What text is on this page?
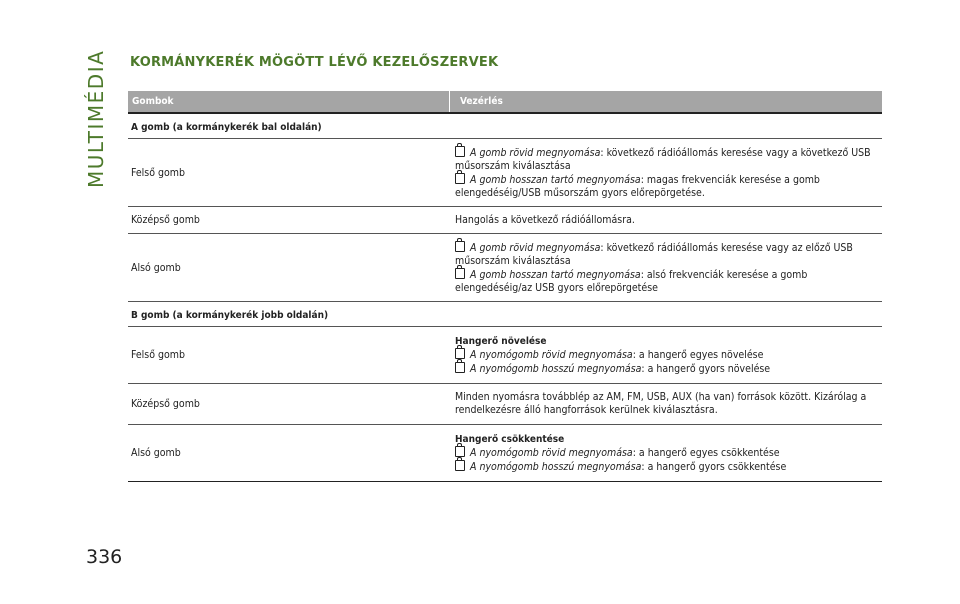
MULTIMÉDIA
336
KORMÁNYKERÉK MÖGÖTT LÉVŐ KEZELŐSZERVEK
Gombok	Vezérlés
A gomb (a kormánykerék bal oldalán)
Felső gomb
A gomb rövid megnyomása: következő rádióállomás keresése vagy a következő USB műsorszám kiválasztása
A gomb hosszan tartó megnyomása: magas frekvenciák keresése a gomb elengedéséig/USB műsorszám gyors előrepörgetése.
Középső gomb	Hangolás a következő rádióállomásra.
Alsó gomb
A gomb rövid megnyomása: következő rádióállomás keresése vagy az előző USB műsorszám kiválasztása
A gomb hosszan tartó megnyomása: alsó frekvenciák keresése a gomb elengedéséig/az USB gyors előrepörgetése
B gomb (a kormánykerék jobb oldalán)
Felső gomb
Hangerő növelése
A nyomógomb rövid megnyomása: a hangerő egyes növelése
A nyomógomb hosszú megnyomása: a hangerő gyors növelése
Középső gomb
Minden nyomásra továbblép az AM, FM, USB, AUX (ha van) források között. Kizárólag a rendelkezésre álló hangforrások kerülnek kiválasztásra.
Alsó gomb
Hangerő csökkentése
A nyomógomb rövid megnyomása: a hangerő egyes csökkentése
A nyomógomb hosszú megnyomása: a hangerő gyors csökkentése
